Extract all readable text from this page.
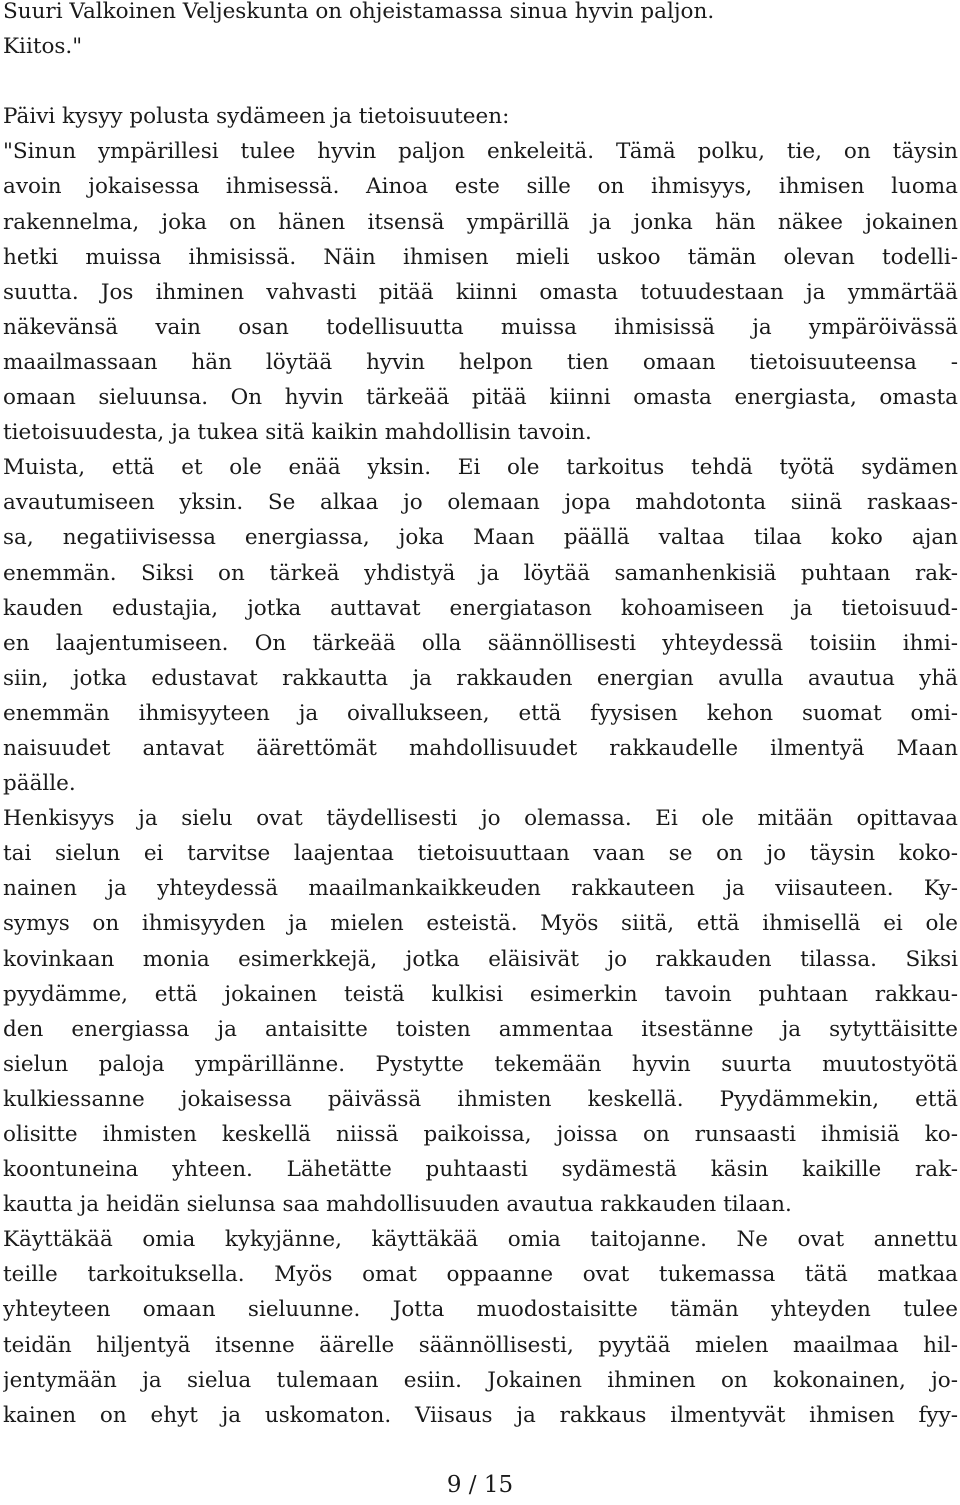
Suuri Valkoinen Veljeskunta on ohjeistamassa sinua hyvin paljon.
Kiitos."
Päivi kysyy polusta sydämeen ja tietoisuuteen:
"Sinun ympärillesi tulee hyvin paljon enkeleitä. Tämä polku, tie, on täysin
avoin jokaisessa ihmisessä. Ainoa este sille on ihmisyys, ihmisen luoma
rakennelma, joka on hänen itsensä ympärillä ja jonka hän näkee jokainen
hetki muissa ihmisissä. Näin ihmisen mieli uskoo tämän olevan todelli-
suutta. Jos ihminen vahvasti pitää kiinni omasta totuudestaan ja ymmärtää
näkevänsä vain osan todellisuutta muissa ihmisissä ja ympäröivässä
maailmassaan hän löytää hyvin helpon tien omaan tietoisuuteensa -
omaan sieluunsa. On hyvin tärkeää pitää kiinni omasta energiasta, omasta
tietoisuudesta, ja tukea sitä kaikin mahdollisin tavoin.
Muista, että et ole enää yksin. Ei ole tarkoitus tehdä työtä sydämen
avautumiseen yksin. Se alkaa jo olemaan jopa mahdotonta siinä raskaas-
sa, negatiivisessa energiassa, joka Maan päällä valtaa tilaa koko ajan
enemmän. Siksi on tärkeä yhdistyä ja löytää samanhenkisiä puhtaan rak-
kauden edustajia, jotka auttavat energiatason kohoamiseen ja tietoisuud-
en laajentumiseen. On tärkeää olla säännöllisesti yhteydessä toisiin ihmi-
siin, jotka edustavat rakkautta ja rakkauden energian avulla avautua yhä
enemmän ihmisyyteen ja oivallukseen, että fyysisen kehon suomat omi-
naisuudet antavat äärettömät mahdollisuudet rakkaudelle ilmentyä Maan
päälle.
Henkisyys ja sielu ovat täydellisesti jo olemassa. Ei ole mitään opittavaa
tai sielun ei tarvitse laajentaa tietoisuuttaan vaan se on jo täysin koko-
nainen ja yhteydessä maailmankaikkeuden rakkauteen ja viisauteen. Ky-
symys on ihmisyyden ja mielen esteistä. Myös siitä, että ihmisellä ei ole
kovinkaan monia esimerkkejä, jotka eläisivät jo rakkauden tilassa. Siksi
pyydämme, että jokainen teistä kulkisi esimerkin tavoin puhtaan rakkau-
den energiassa ja antaisitte toisten ammentaa itsestänne ja sytyttäisitte
sielun paloja ympärillänne. Pystytte tekemään hyvin suurta muutostyötä
kulkiessanne jokaisessa päivässä ihmisten keskellä. Pyydämmekin, että
olisitte ihmisten keskellä niissä paikoissa, joissa on runsaasti ihmisiä ko-
koontuneina yhteen. Lähetätte puhtaasti sydämestä käsin kaikille rak-
kautta ja heidän sielunsa saa mahdollisuuden avautua rakkauden tilaan.
Käyttäkää omia kykyjänne, käyttäkää omia taitojanne. Ne ovat annettu
teille tarkoituksella. Myös omat oppaanne ovat tukemassa tätä matkaa
yhteyteen omaan sieluunne. Jotta muodostaisitte tämän yhteyden tulee
teidän hiljentyä itsenne äärelle säännöllisesti, pyytää mielen maailmaa hil-
jentymään ja sielua tulemaan esiin. Jokainen ihminen on kokonainen, jo-
kainen on ehyt ja uskomaton. Viisaus ja rakkaus ilmentyvät ihmisen fyy-
9 / 15
